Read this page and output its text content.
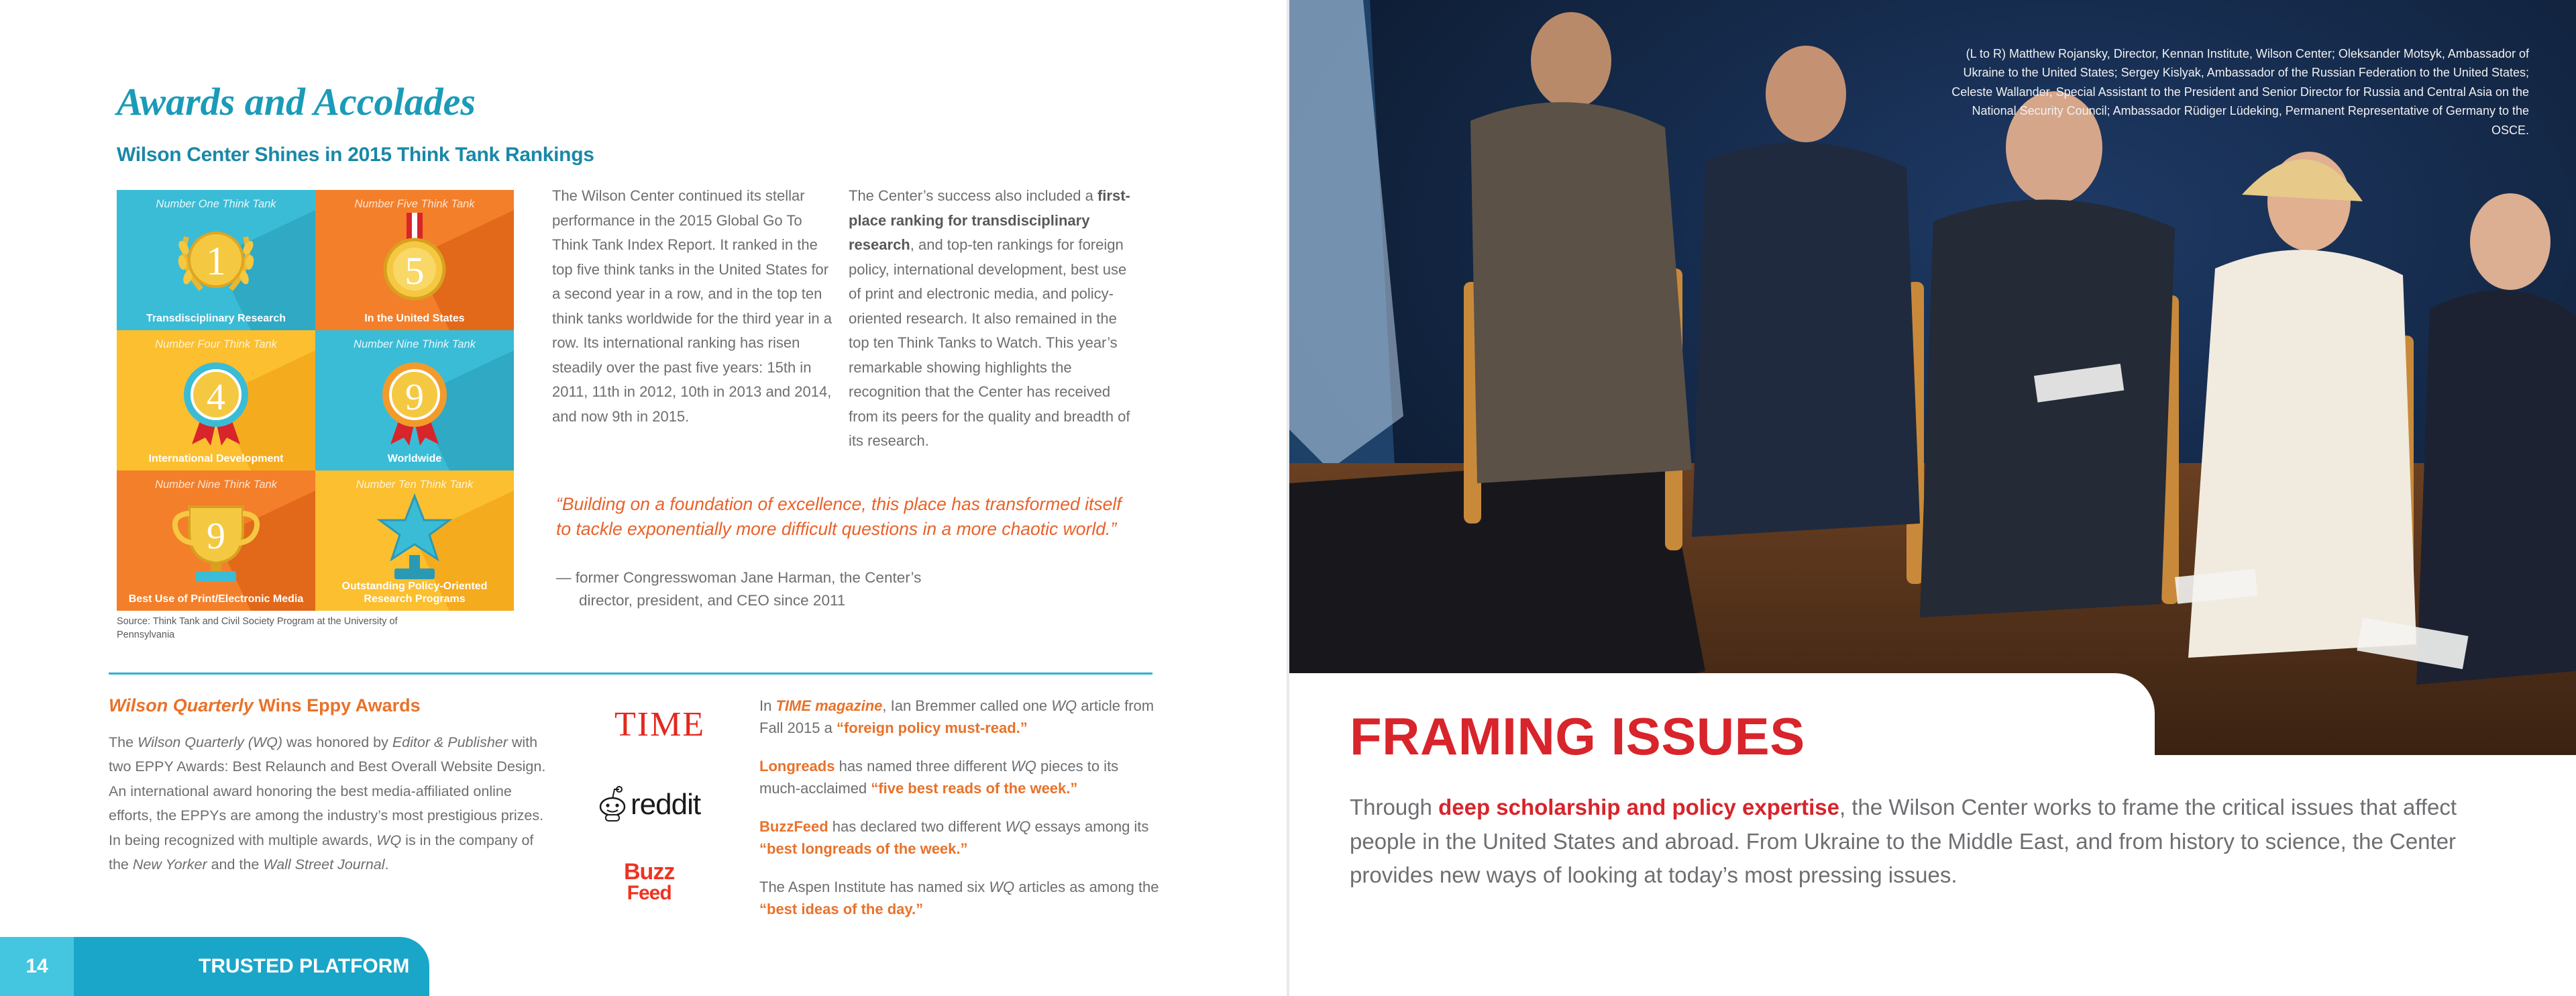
Awards and Accolades
Wilson Center Shines in 2015 Think Tank Rankings
Number One Think Tank
1
Transdisciplinary Research
Number Five Think Tank
5
In the United States
Number Four Think Tank
4
International Development
Number Nine Think Tank
9
Worldwide
Number Nine Think Tank
9
Best Use of Print/Electronic Media
Number Ten Think Tank
Outstanding Policy-Oriented Research Programs
Source: Think Tank and Civil Society Program at the University of Pennsylvania

The Wilson Center continued its stellar performance in the 2015 Global Go To Think Tank Index Report. It ranked in the top five think tanks in the United States for a second year in a row, and in the top ten think tanks worldwide for the third year in a row. Its international ranking has risen steadily over the past five years: 15th in 2011, 11th in 2012, 10th in 2013 and 2014, and now 9th in 2015.

The Center’s success also included a first-place ranking for transdisciplinary research, and top-ten rankings for foreign policy, international development, best use of print and electronic media, and policy-oriented research. It also remained in the top ten Think Tanks to Watch. This year’s remarkable showing highlights the recognition that the Center has received from its peers for the quality and breadth of its research.

“Building on a foundation of excellence, this place has transformed itself to tackle exponentially more difficult questions in a more chaotic world.”

— former Congresswoman Jane Harman, the Center’s
director, president, and CEO since 2011
Wilson Quarterly Wins Eppy Awards

The Wilson Quarterly (WQ) was honored by Editor & Publisher with two EPPY Awards: Best Relaunch and Best Overall Website Design. An international award honoring the best media-affiliated online efforts, the EPPYs are among the industry’s most prestigious prizes. In being recognized with multiple awards, WQ is in the company of the New Yorker and the Wall Street Journal.

TIME
reddit
Buzz
Feed

In TIME magazine, Ian Bremmer called one WQ article from Fall 2015 a “foreign policy must-read.”

Longreads has named three different WQ pieces to its much-acclaimed “five best reads of the week.”

BuzzFeed has declared two different WQ essays among its “best longreads of the week.”

The Aspen Institute has named six WQ articles as among the “best ideas of the day.”

14	TRUSTED PLATFORM
(L to R) Matthew Rojansky, Director, Kennan Institute, Wilson Center; Oleksander Motsyk, Ambassador of Ukraine to the United States; Sergey Kislyak, Ambassador of the Russian Federation to the United States; Celeste Wallander, Special Assistant to the President and Senior Director for Russia and Central Asia on the National Security Council; Ambassador Rüdiger Lüdeking, Permanent Representative of Germany to the OSCE.
FRAMING ISSUES

Through deep scholarship and policy expertise, the Wilson Center works to frame the critical issues that affect people in the United States and abroad. From Ukraine to the Middle East, and from history to science, the Center provides new ways of looking at today’s most pressing issues.
